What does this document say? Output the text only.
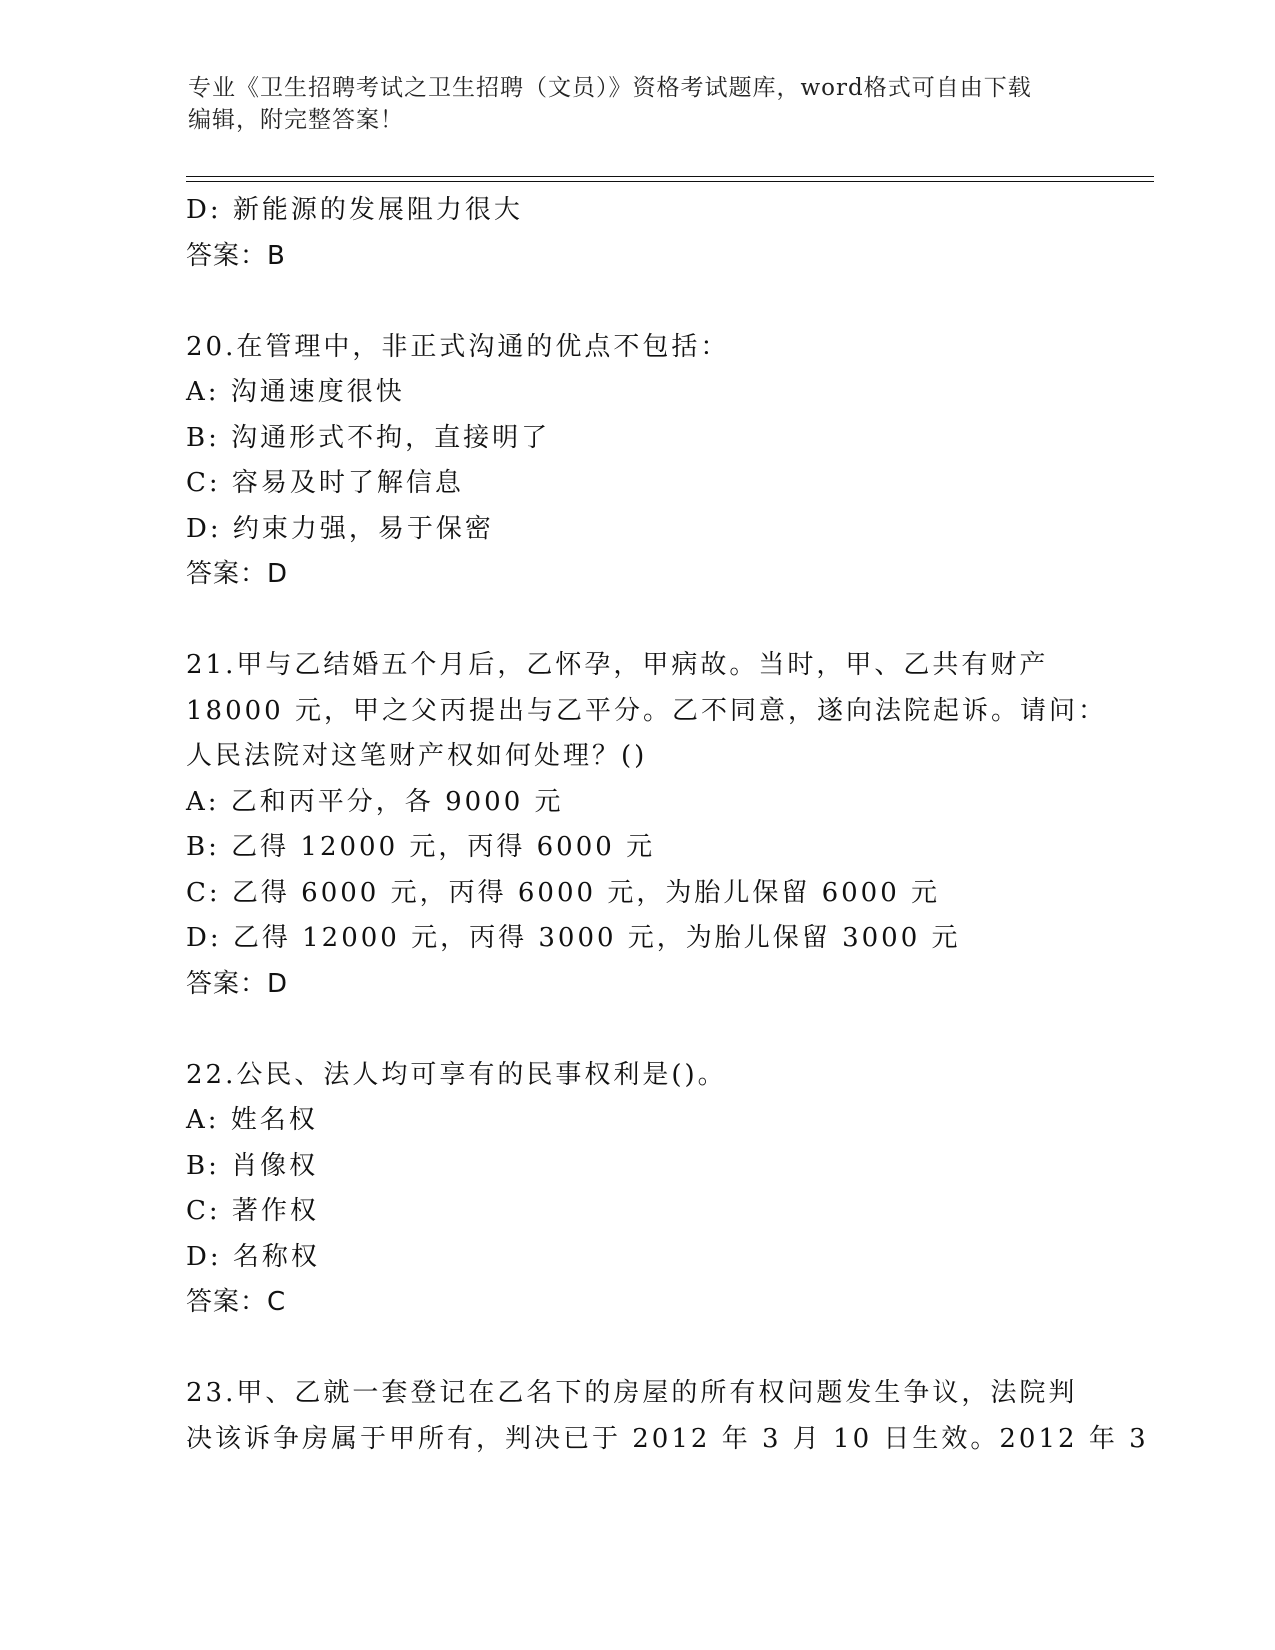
专业《卫生招聘考试之卫生招聘（文员）》资格考试题库，word格式可自由下载
编辑，附完整答案！
D: 新能源的发展阻力很大
答案：B
20.在管理中，非正式沟通的优点不包括：
A: 沟通速度很快
B: 沟通形式不拘，直接明了
C: 容易及时了解信息
D: 约束力强，易于保密
答案：D
21.甲与乙结婚五个月后，乙怀孕，甲病故。当时，甲、乙共有财产
18000 元，甲之父丙提出与乙平分。乙不同意，遂向法院起诉。请问：
人民法院对这笔财产权如何处理？()
A: 乙和丙平分，各 9000 元
B: 乙得 12000 元，丙得 6000 元
C: 乙得 6000 元，丙得 6000 元，为胎儿保留 6000 元
D: 乙得 12000 元，丙得 3000 元，为胎儿保留 3000 元
答案：D
22.公民、法人均可享有的民事权利是()。
A: 姓名权
B: 肖像权
C: 著作权
D: 名称权
答案：C
23.甲、乙就一套登记在乙名下的房屋的所有权问题发生争议，法院判
决该诉争房属于甲所有，判决已于 2012 年 3 月 10 日生效。2012 年 3
